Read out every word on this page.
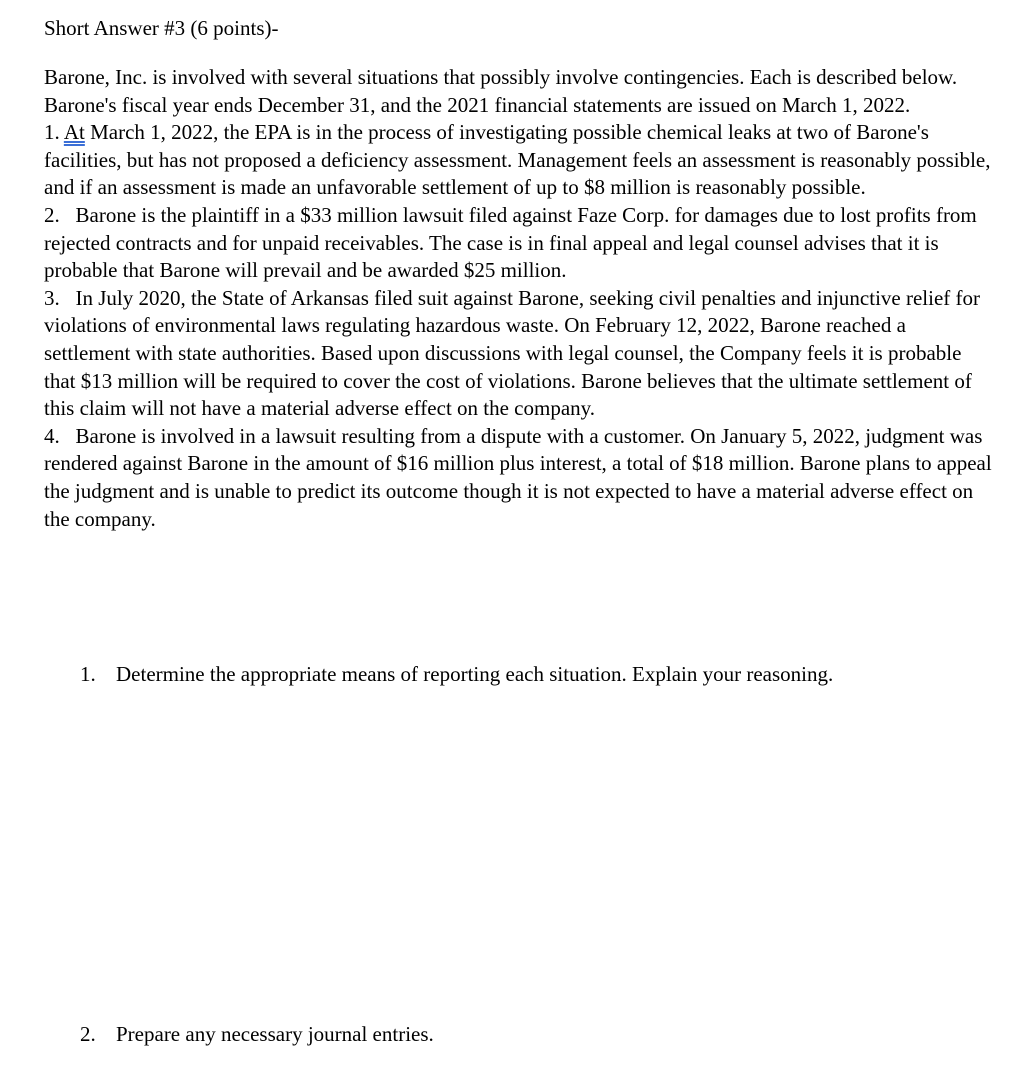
Short Answer #3 (6 points)-

Barone, Inc. is involved with several situations that possibly involve contingencies. Each is described below. Barone's fiscal year ends December 31, and the 2021 financial statements are issued on March 1, 2022.

1. At March 1, 2022, the EPA is in the process of investigating possible chemical leaks at two of Barone's facilities, but has not proposed a deficiency assessment. Management feels an assessment is reasonably possible, and if an assessment is made an unfavorable settlement of up to $8 million is reasonably possible.

2. Barone is the plaintiff in a $33 million lawsuit filed against Faze Corp. for damages due to lost profits from rejected contracts and for unpaid receivables. The case is in final appeal and legal counsel advises that it is probable that Barone will prevail and be awarded $25 million.

3. In July 2020, the State of Arkansas filed suit against Barone, seeking civil penalties and injunctive relief for violations of environmental laws regulating hazardous waste. On February 12, 2022, Barone reached a settlement with state authorities. Based upon discussions with legal counsel, the Company feels it is probable that $13 million will be required to cover the cost of violations. Barone believes that the ultimate settlement of this claim will not have a material adverse effect on the company.

4. Barone is involved in a lawsuit resulting from a dispute with a customer. On January 5, 2022, judgment was rendered against Barone in the amount of $16 million plus interest, a total of $18 million. Barone plans to appeal the judgment and is unable to predict its outcome though it is not expected to have a material adverse effect on the company.

1. Determine the appropriate means of reporting each situation. Explain your reasoning.
2. Prepare any necessary journal entries.
